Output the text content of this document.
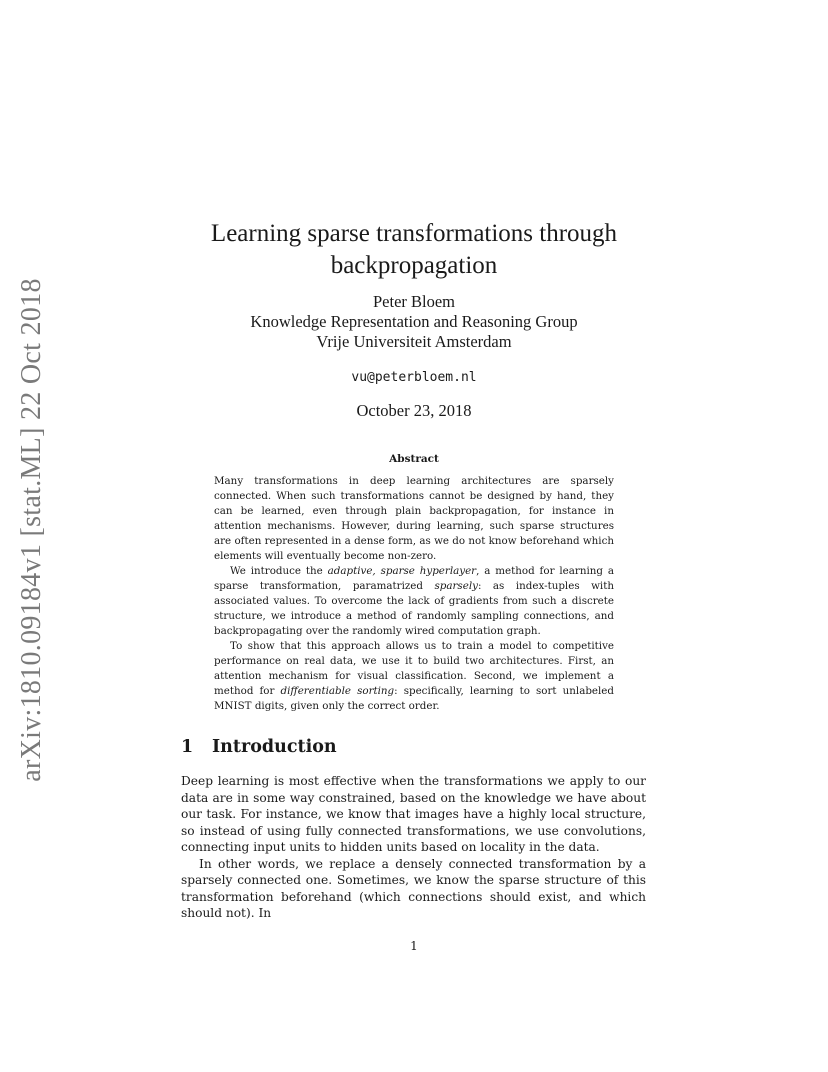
arXiv:1810.09184v1 [stat.ML] 22 Oct 2018
Learning sparse transformations through
backpropagation
Peter Bloem
Knowledge Representation and Reasoning Group
Vrije Universiteit Amsterdam
vu@peterbloem.nl
October 23, 2018
Abstract

Many transformations in deep learning architectures are sparsely connected. When such transformations cannot be designed by hand, they can be learned, even through plain backpropagation, for instance in attention mechanisms. However, during learning, such sparse structures are often represented in a dense form, as we do not know beforehand which elements will eventually become non-zero.

We introduce the adaptive, sparse hyperlayer, a method for learning a sparse transformation, paramatrized sparsely: as index-tuples with associated values. To overcome the lack of gradients from such a discrete structure, we introduce a method of randomly sampling connections, and backpropagating over the randomly wired computation graph.

To show that this approach allows us to train a model to competitive performance on real data, we use it to build two architectures. First, an attention mechanism for visual classification. Second, we implement a method for differentiable sorting: specifically, learning to sort unlabeled MNIST digits, given only the correct order.

1 Introduction

Deep learning is most effective when the transformations we apply to our data are in some way constrained, based on the knowledge we have about our task. For instance, we know that images have a highly local structure, so instead of using fully connected transformations, we use convolutions, connecting input units to hidden units based on locality in the data.

In other words, we replace a densely connected transformation by a sparsely connected one. Sometimes, we know the sparse structure of this transformation beforehand (which connections should exist, and which should not). In

1
